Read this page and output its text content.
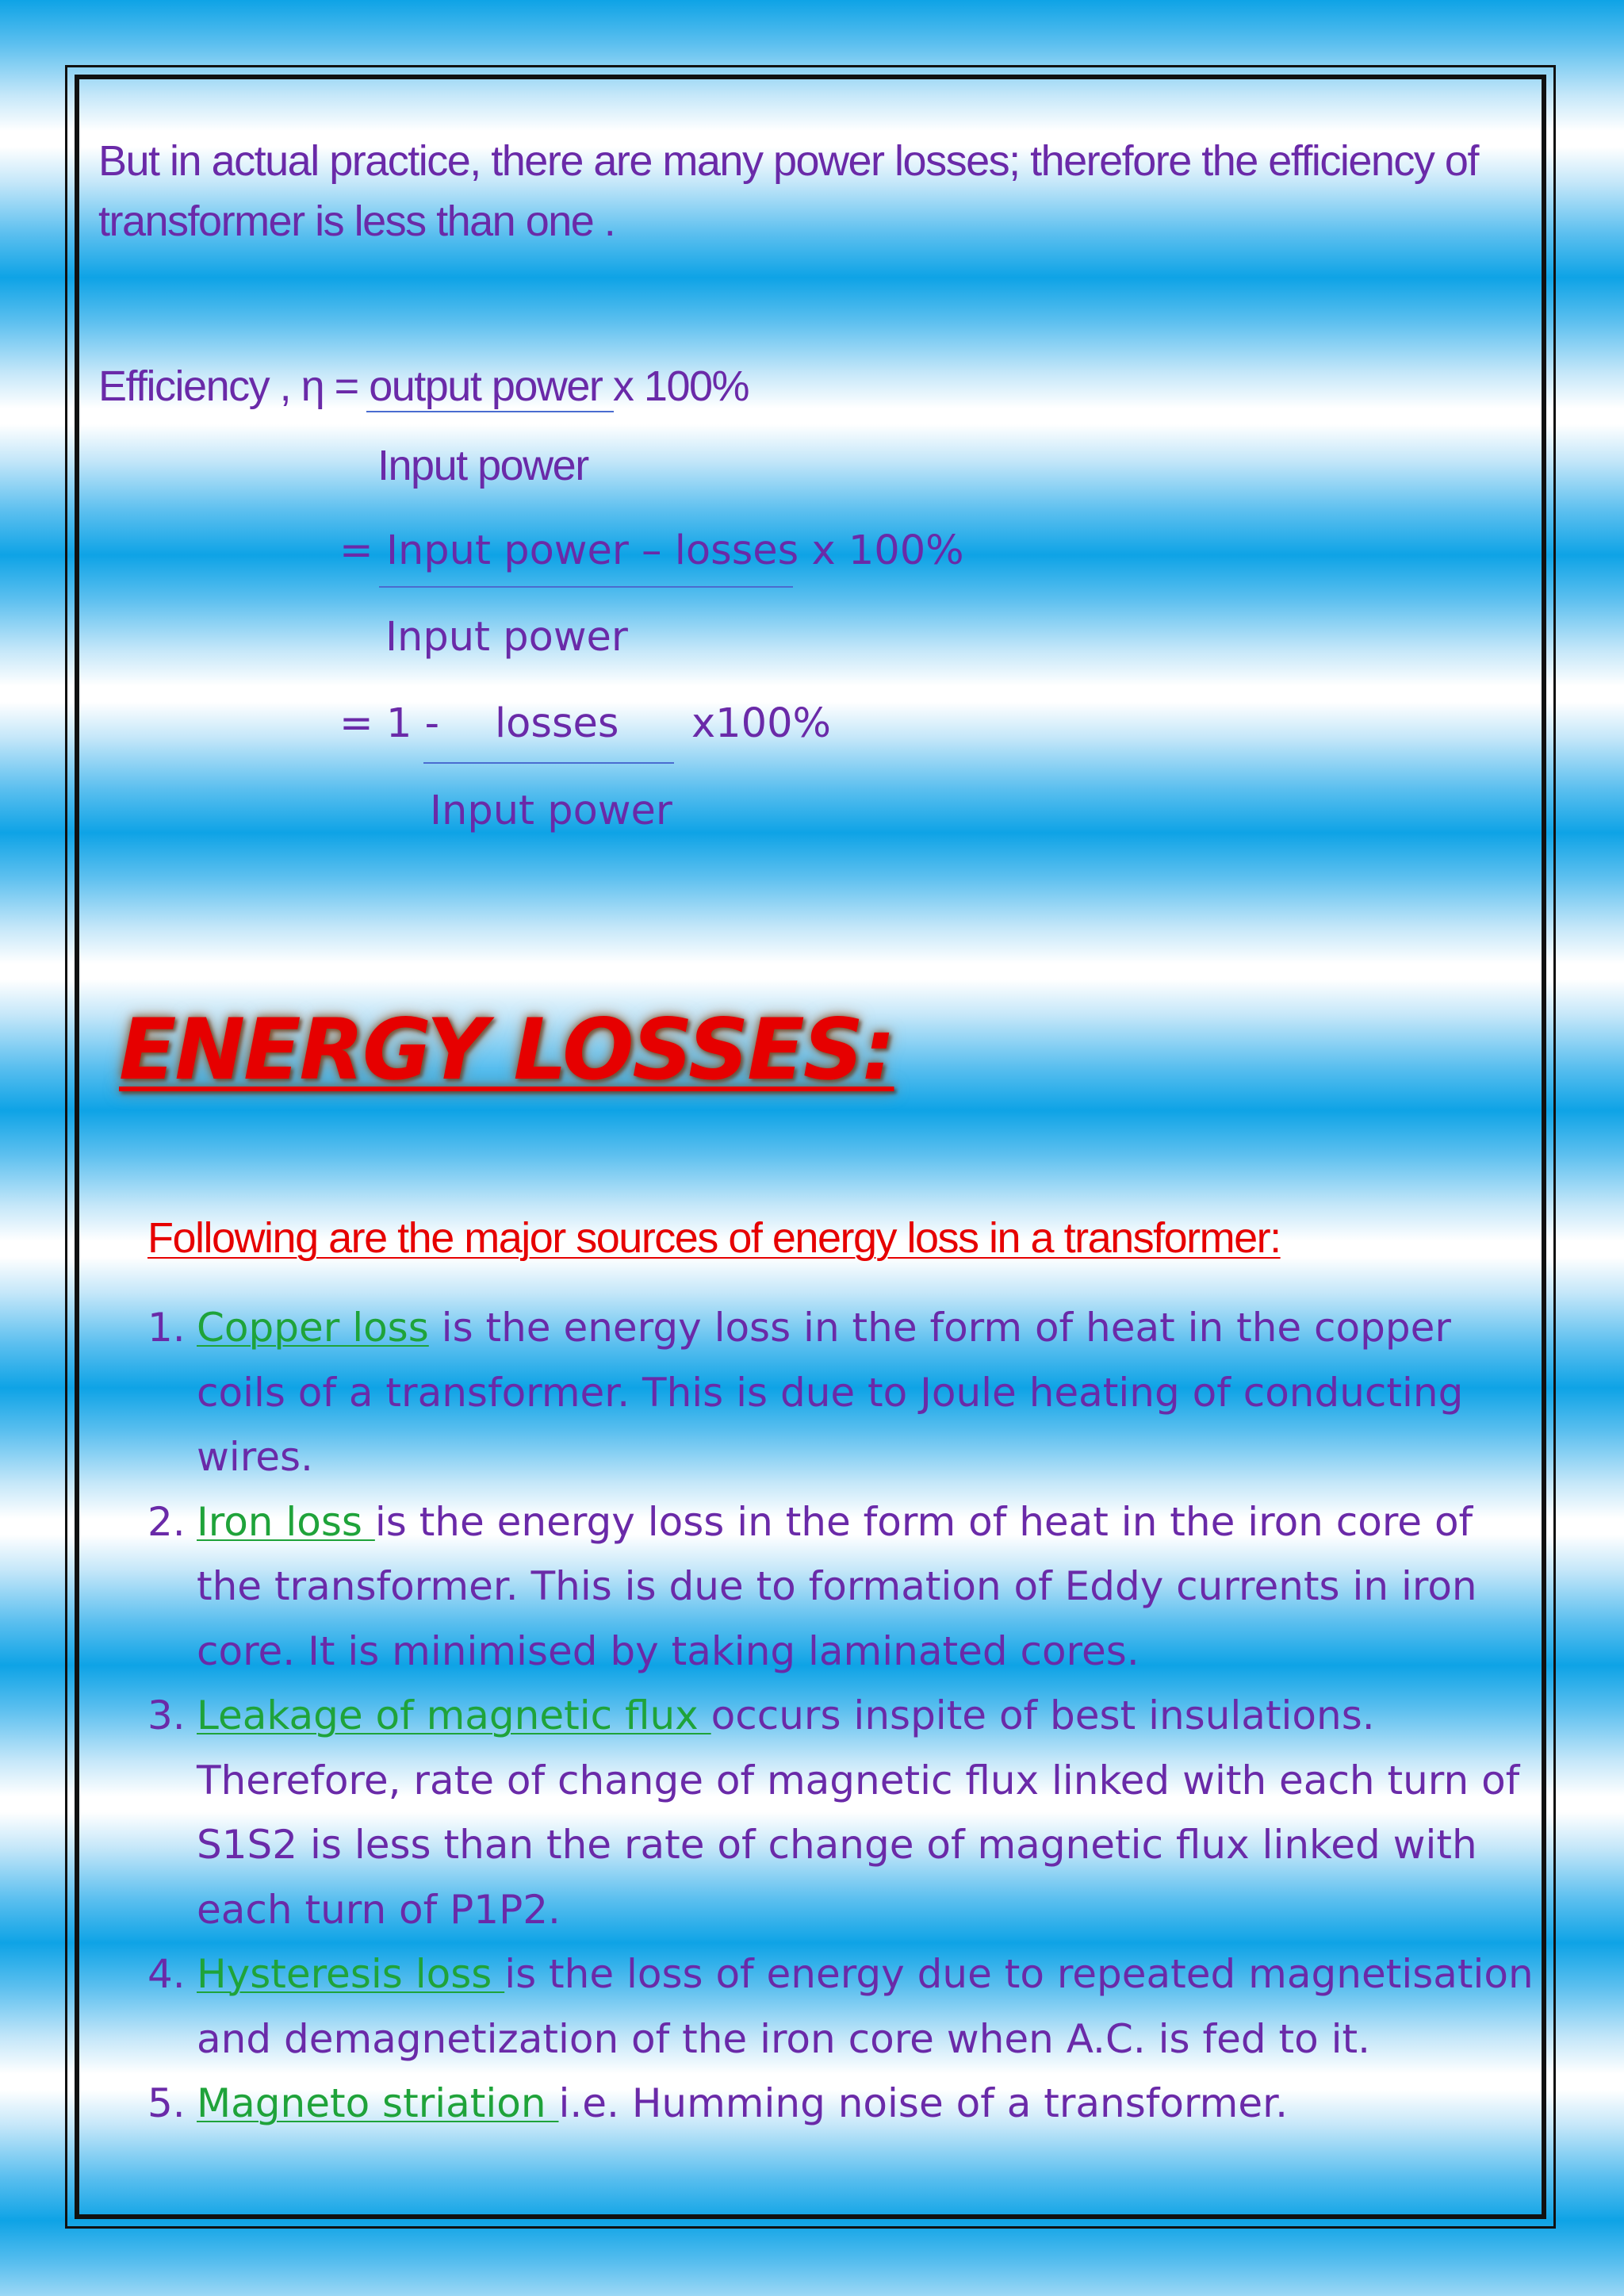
But in actual practice, there are many power losses; therefore the efficiency of
transformer is less than one .
Efficiency , η = output power x 100%
Input power
= Input power – losses x 100%
Input power
= 1 - losses x100%
Input power
ENERGY LOSSES:
Following are the major sources of energy loss in a transformer:
1. Copper loss is the energy loss in the form of heat in the copper
coils of a transformer. This is due to Joule heating of conducting
wires.
2. Iron loss is the energy loss in the form of heat in the iron core of
the transformer. This is due to formation of Eddy currents in iron
core. It is minimised by taking laminated cores.
3. Leakage of magnetic flux occurs inspite of best insulations.
Therefore, rate of change of magnetic flux linked with each turn of
S1S2 is less than the rate of change of magnetic flux linked with
each turn of P1P2.
4. Hysteresis loss is the loss of energy due to repeated magnetisation
and demagnetization of the iron core when A.C. is fed to it.
5. Magneto striation i.e. Humming noise of a transformer.
